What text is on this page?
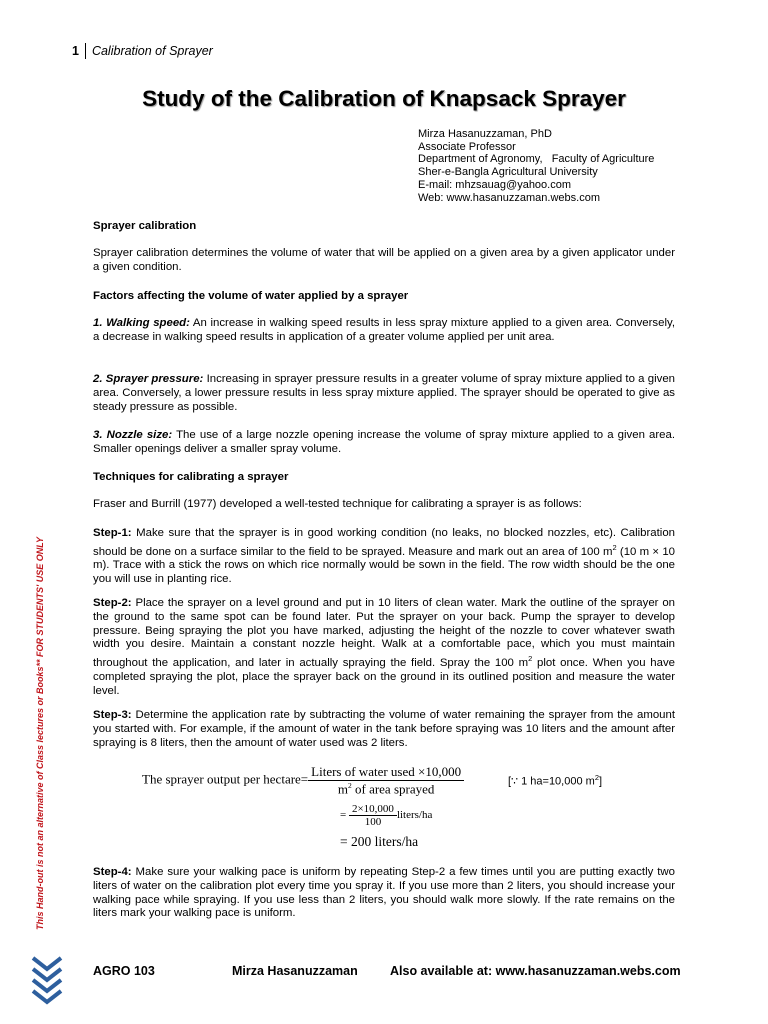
1	Calibration of Sprayer
Study of the Calibration of Knapsack Sprayer
Mirza Hasanuzzaman, PhD
Associate Professor
Department of Agronomy,   Faculty of Agriculture
Sher-e-Bangla Agricultural University
E-mail: mhzsauag@yahoo.com
Web: www.hasanuzzaman.webs.com

Sprayer calibration

Sprayer calibration determines the volume of water that will be applied on a given area by a given applicator under a given condition.

Factors affecting the volume of water applied by a sprayer

1. Walking speed: An increase in walking speed results in less spray mixture applied to a given area. Conversely, a decrease in walking speed results in application of a greater volume applied per unit area.

2. Sprayer pressure: Increasing in sprayer pressure results in a greater volume of spray mixture applied to a given area. Conversely, a lower pressure results in less spray mixture applied. The sprayer should be operated to give as steady pressure as possible.

3. Nozzle size: The use of a large nozzle opening increase the volume of spray mixture applied to a given area. Smaller openings deliver a smaller spray volume.

Techniques for calibrating a sprayer

Fraser and Burrill (1977) developed a well-tested technique for calibrating a sprayer is as follows:

Step-1: Make sure that the sprayer is in good working condition (no leaks, no blocked nozzles, etc). Calibration should be done on a surface similar to the field to be sprayed. Measure and mark out an area of 100 $m^2$ (10 m × 10 m). Trace with a stick the rows on which rice normally would be sown in the field. The row width should be the one you will use in planting rice.

Step-2: Place the sprayer on a level ground and put in 10 liters of clean water. Mark the outline of the sprayer on the ground to the same spot can be found later. Put the sprayer on your back. Pump the sprayer to develop pressure. Being spraying the plot you have marked, adjusting the height of the nozzle to cover whatever swath width you desire. Maintain a constant nozzle height. Walk at a comfortable pace, which you must maintain throughout the application, and later in actually spraying the field. Spray the 100 $m^2$ plot once. When you have completed spraying the plot, place the sprayer back on the ground in its outlined position and measure the water level.

Step-3: Determine the application rate by subtracting the volume of water remaining the sprayer from the amount you started with. For example, if the amount of water in the tank before spraying was 10 liters and the amount after spraying is 8 liters, then the amount of water used was 2 liters.

The sprayer output per hectare= $\frac{\text{Liters of water used ×10,000}}{m^2 of area sprayed}$	[∵ 1 ha=10,000 $m^2$]
= $\frac{2\times 10,000}{100}$ liters/ha
= 200 liters/ha

Step-4: Make sure your walking pace is uniform by repeating Step-2 a few times until you are putting exactly two liters of water on the calibration plot every time you spray it. If you use more than 2 liters, you should increase your walking pace while spraying. If you use less than 2 liters, you should walk more slowly. If the rate remains on the liters mark your walking pace is uniform.

This Hand-out is not an alternative of Class lectures or Books** FOR STUDENTS' USE ONLY
AGRO 103	Mirza Hasanuzzaman	Also available at: www.hasanuzzaman.webs.com
